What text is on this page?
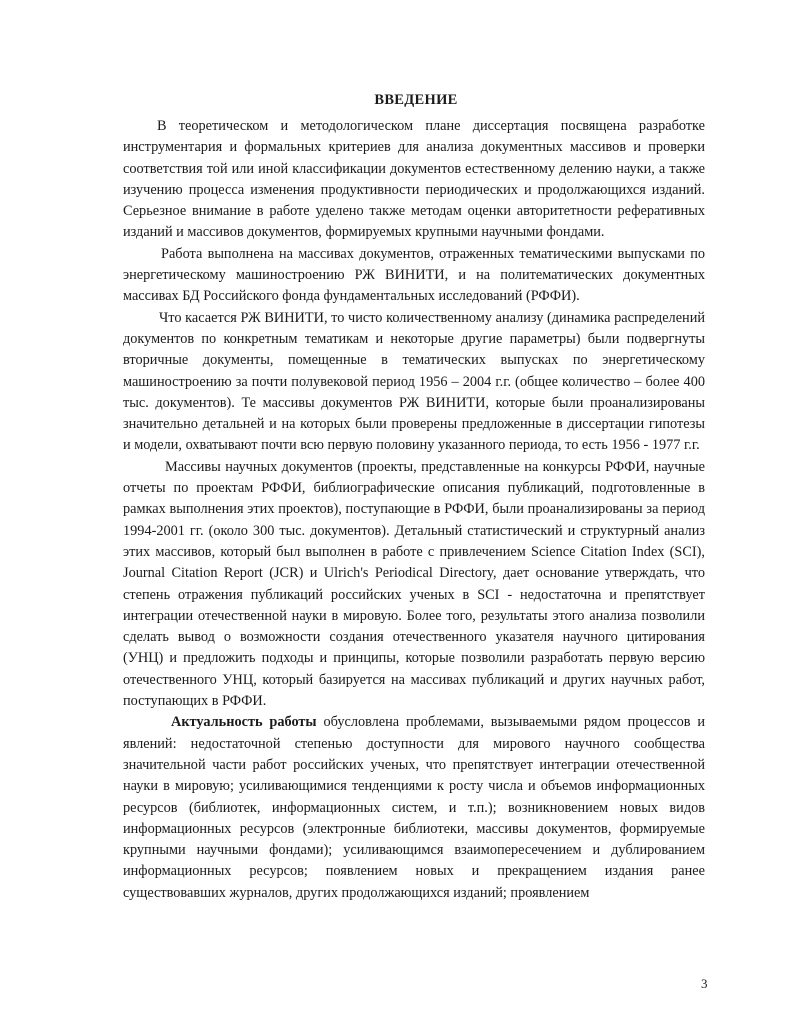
ВВЕДЕНИЕ

В теоретическом и методологическом плане диссертация посвящена разработке инструментария и формальных критериев для анализа документных массивов и проверки соответствия той или иной классификации документов естественному делению науки, а также изучению процесса изменения продуктивности периодических и продолжающихся изданий. Серьезное внимание в работе уделено также методам оценки авторитетности реферативных изданий и массивов документов, формируемых крупными научными фондами.

Работа выполнена на массивах документов, отраженных тематическими выпусками по энергетическому машиностроению РЖ ВИНИТИ, и на политематических документных массивах БД Российского фонда фундаментальных исследований (РФФИ).

Что касается РЖ ВИНИТИ, то чисто количественному анализу (динамика распределений документов по конкретным тематикам и некоторые другие параметры) были подвергнуты вторичные документы, помещенные в тематических выпусках по энергетическому машиностроению за почти полувековой период 1956 – 2004 г.г. (общее количество – более 400 тыс. документов). Те массивы документов РЖ ВИНИТИ, которые были проанализированы значительно детальней и на которых были проверены предложенные в диссертации гипотезы и модели, охватывают почти всю первую половину указанного периода, то есть 1956 - 1977 г.г.

Массивы научных документов (проекты, представленные на конкурсы РФФИ, научные отчеты по проектам РФФИ, библиографические описания публикаций, подготовленные в рамках выполнения этих проектов), поступающие в РФФИ, были проанализированы за период 1994-2001 гг. (около 300 тыс. документов). Детальный статистический и структурный анализ этих массивов, который был выполнен в работе с привлечением Science Citation Index (SCI), Journal Citation Report (JCR) и Ulrich's Periodical Directory, дает основание утверждать, что степень отражения публикаций российских ученых в SCI - недостаточна и препятствует интеграции отечественной науки в мировую. Более того, результаты этого анализа позволили сделать вывод о возможности создания отечественного указателя научного цитирования (УНЦ) и предложить подходы и принципы, которые позволили разработать первую версию отечественного УНЦ, который базируется на массивах публикаций и других научных работ, поступающих в РФФИ.

Актуальность работы обусловлена проблемами, вызываемыми рядом процессов и явлений: недостаточной степенью доступности для мирового научного сообщества значительной части работ российских ученых, что препятствует интеграции отечественной науки в мировую; усиливающимися тенденциями к росту числа и объемов информационных ресурсов (библиотек, информационных систем, и т.п.); возникновением новых видов информационных ресурсов (электронные библиотеки, массивы документов, формируемые крупными научными фондами); усиливающимся взаимопересечением и дублированием информационных ресурсов; появлением новых и прекращением издания ранее существовавших журналов, других продолжающихся изданий; проявлением

3
